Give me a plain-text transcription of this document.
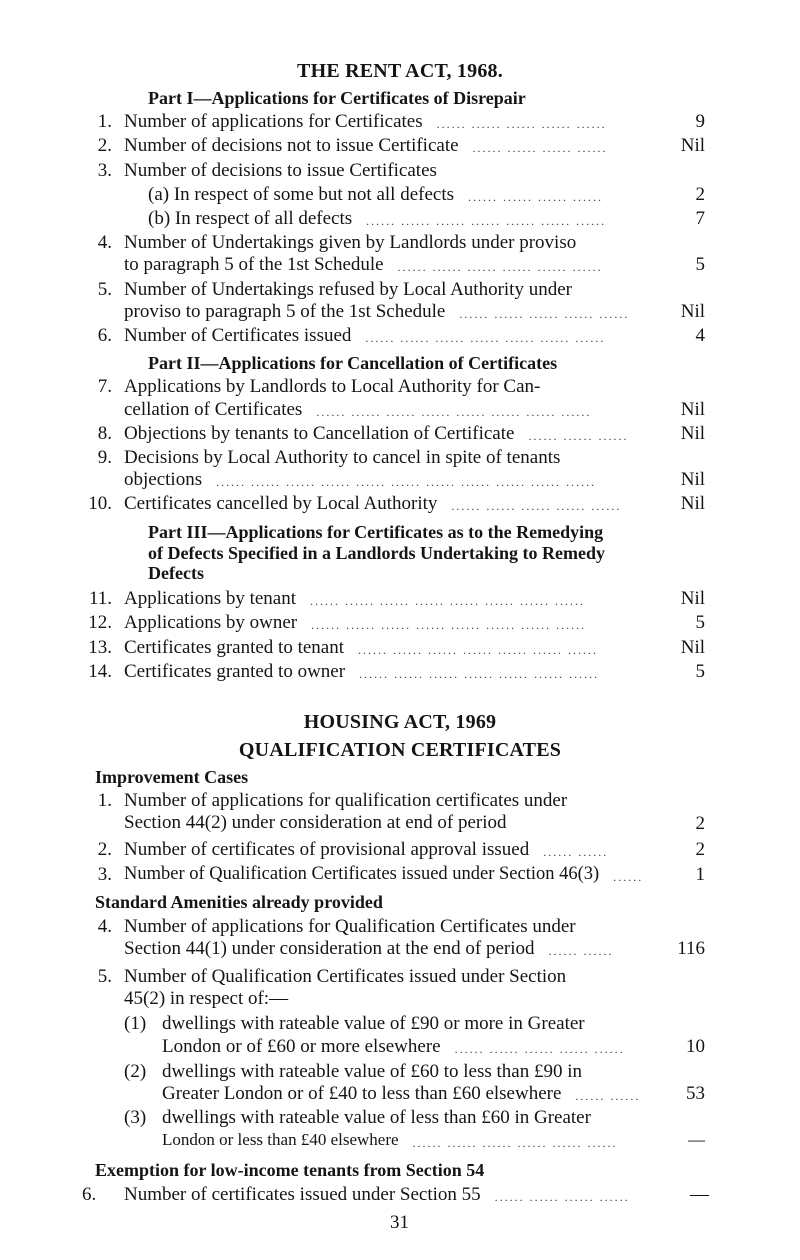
THE RENT ACT, 1968.
Part I—Applications for Certificates of Disrepair
1. Number of applications for Certificates	9
2. Number of decisions not to issue Certificate	Nil
3. Number of decisions to issue Certificates
(a) In respect of some but not all defects	2
(b) In respect of all defects	7
4. Number of Undertakings given by Landlords under proviso
to paragraph 5 of the 1st Schedule	5
5. Number of Undertakings refused by Local Authority under
proviso to paragraph 5 of the 1st Schedule	Nil
6. Number of Certificates issued	4
Part II—Applications for Cancellation of Certificates
7. Applications by Landlords to Local Authority for Can-
cellation of Certificates	Nil
8. Objections by tenants to Cancellation of Certificate	Nil
9. Decisions by Local Authority to cancel in spite of tenants
objections	Nil
10. Certificates cancelled by Local Authority	Nil
Part III—Applications for Certificates as to the Remedying
of Defects Specified in a Landlords Undertaking to Remedy
Defects
11. Applications by tenant	Nil
12. Applications by owner	5
13. Certificates granted to tenant	Nil
14. Certificates granted to owner	5
HOUSING ACT, 1969
QUALIFICATION CERTIFICATES
Improvement Cases
1. Number of applications for qualification certificates under
Section 44(2) under consideration at end of period	2
2. Number of certificates of provisional approval issued	2
3. Number of Qualification Certificates issued under Section 46(3)	1
Standard Amenities already provided
4. Number of applications for Qualification Certificates under
Section 44(1) under consideration at the end of period	116
5. Number of Qualification Certificates issued under Section
45(2) in respect of:—
(1) dwellings with rateable value of £90 or more in Greater
London or of £60 or more elsewhere	10
(2) dwellings with rateable value of £60 to less than £90 in
Greater London or of £40 to less than £60 elsewhere	53
(3) dwellings with rateable value of less than £60 in Greater
London or less than £40 elsewhere	—
Exemption for low-income tenants from Section 54
6. Number of certificates issued under Section 55	—
31
...... ...... ...... ......
...... ...... ...... ...... ......
...... ...... ...... ......
...... ...... ...... ......
...... ...... ...... ...... ...... ...... ......
...... ...... ...... ...... ...... ......
...... ...... ...... ...... ......
...... ...... ...... ...... ...... ...... ......
...... ...... ...... ...... ...... ...... ...... ......
...... ...... ......
...... ...... ...... ...... ...... ...... ...... ...... ...... ...... ......
...... ...... ...... ...... ......
...... ...... ...... ...... ...... ...... ...... ......
...... ...... ...... ...... ...... ...... ...... ......
...... ...... ...... ...... ...... ...... ......
...... ...... ...... ...... ...... ...... ......
...... ......
......
...... ......
...... ...... ...... ...... ......
...... ......
...... ...... ...... ...... ...... ......
